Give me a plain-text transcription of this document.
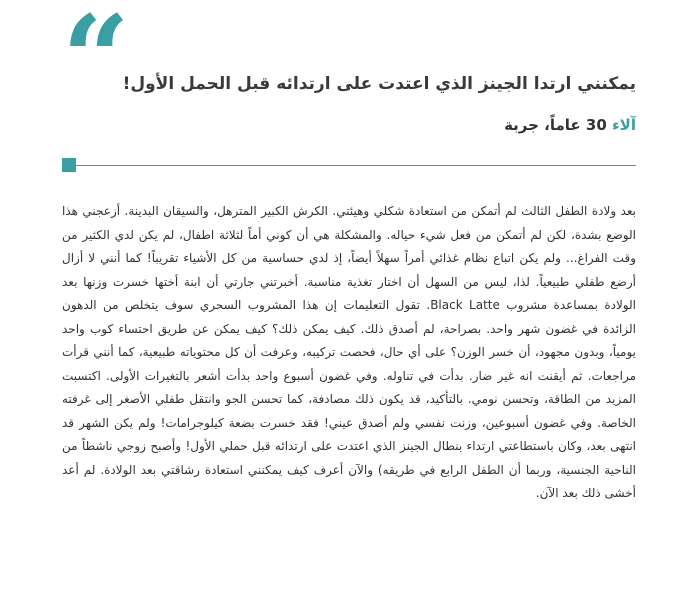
“
يمكنني ارتدا الجينز الذي اعتدت على ارتدائه قبل الحمل الأول!
آلاء 30 عاماً، جربة

بعد ولادة الطفل الثالث لم أتمكن من استعادة شكلي وهيئتي. الكرش الكبير المترهل، والسيقان البدينة. أزعجني هذا الوضع بشدة، لكن لم أتمكن من فعل شيء حياله. والمشكلة هي أن كوني أماً لثلاثة اطفال، لم يكن لدي الكثير من وقت الفراغ... ولم يكن اتباع نظام غذائي أمراً سهلاً أيضاً، إذ لدي حساسية من كل الأشياء تقريباً! كما أنني لا أزال أرضع طفلي طبيعياً. لذا، ليس من السهل أن اختار تغذية مناسبة. أخبرتني جارتي أن ابنة أختها خسرت وزنها بعد الولادة بمساعدة مشروب Black Latte. تقول التعليمات إن هذا المشروب السحري سوف يتخلص من الدهون الزائدة في غضون شهر واحد. بصراحة، لم أصدق ذلك. كيف يمكن ذلك؟ كيف يمكن عن طريق احتساء كوب واحد يومياً، وبدون مجهود، أن خسر الوزن؟ على أي حال، فحصت تركيبه، وعرفت أن كل محتوياته طبيعية، كما أنني قرأت مراجعات. ثم أيقنت انه غير ضار. بدأت في تناوله. وفي غضون أسبوع واحد بدأت أشعر بالتغيرات الأولى. اكتسبت المزيد من الطاقة، وتحسن نومي. بالتأكيد، قد يكون ذلك مصادفة، كما تحسن الجو وانتقل طفلي الأصغر إلى غرفته الخاصة. وفي غضون أسبوعين، وزنت نفسي ولم أصدق عيني! فقد خسرت بضعة كيلوجرامات! ولم يكن الشهر قد انتهى بعد، وكان باستطاعتي ارتداء بنطال الجينز الذي اعتدت على ارتدائه قبل حملي الأول! وأصبح زوجي ناشطاً من الناحية الجنسية، وربما أن الطفل الرابع في طريقه) والآن أعرف كيف يمكنني استعادة رشاقتي بعد الولادة. لم أعد أخشى ذلك بعد الآن.
